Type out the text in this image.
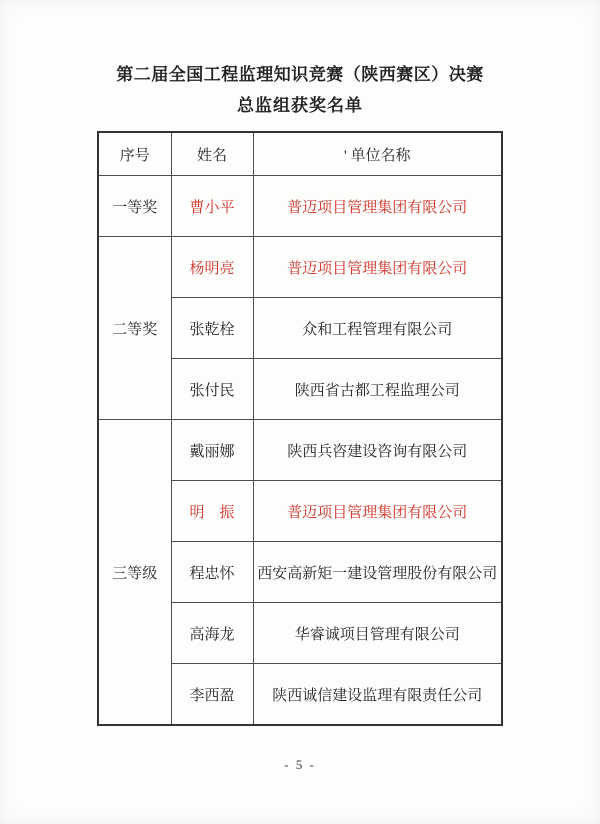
第二届全国工程监理知识竞赛（陕西赛区）决赛
总监组获奖名单
序号	姓名	' 单位名称
一等奖	曹小平	普迈项目管理集团有限公司
二等奖	杨明亮	普迈项目管理集团有限公司
	张乾栓	众和工程管理有限公司
	张付民	陕西省古都工程监理公司
三等级	戴丽娜	陕西兵咨建设咨询有限公司
	明　振	普迈项目管理集团有限公司
	程忠怀	西安高新矩一建设管理股份有限公司
	高海龙	华睿诚项目管理有限公司
	李西盈	陕西诚信建设监理有限责任公司
- 5 -
